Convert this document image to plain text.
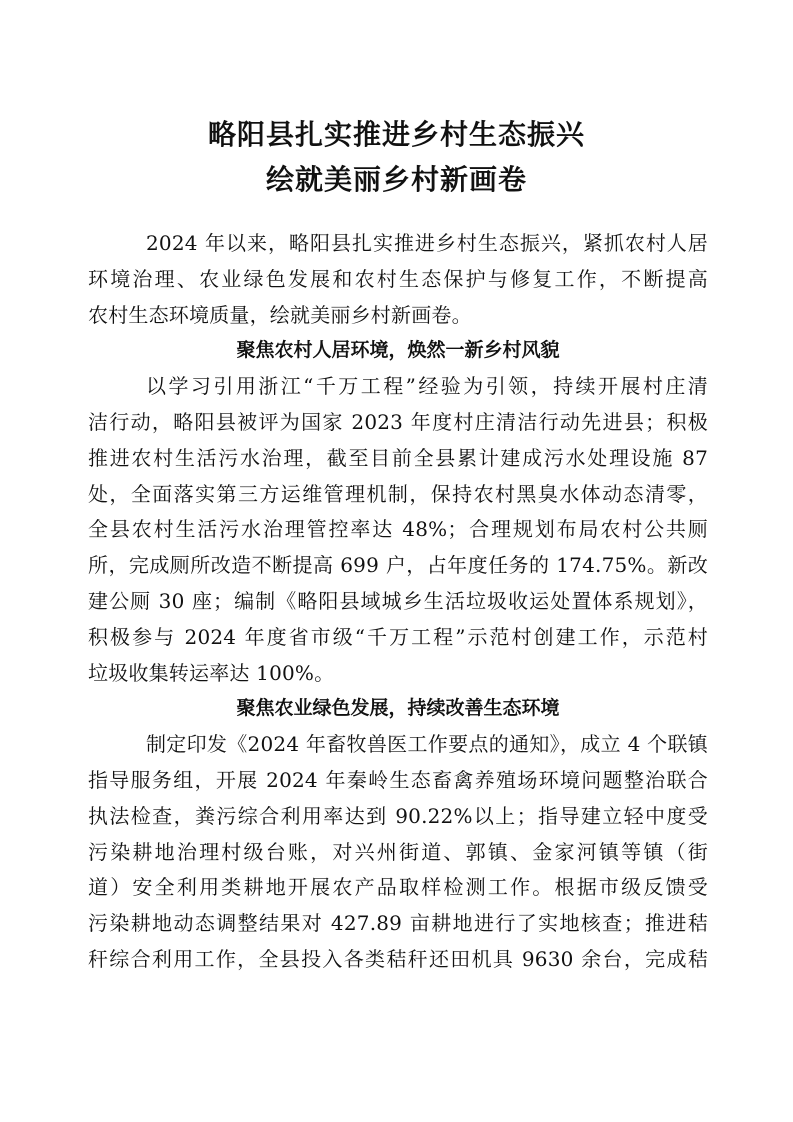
略阳县扎实推进乡村生态振兴
绘就美丽乡村新画卷
2024 年以来，略阳县扎实推进乡村生态振兴，紧抓农村人居
环境治理、农业绿色发展和农村生态保护与修复工作，不断提高
农村生态环境质量，绘就美丽乡村新画卷。
聚焦农村人居环境，焕然一新乡村风貌
以学习引用浙江“千万工程”经验为引领，持续开展村庄清
洁行动，略阳县被评为国家 2023 年度村庄清洁行动先进县；积极
推进农村生活污水治理，截至目前全县累计建成污水处理设施 87
处，全面落实第三方运维管理机制，保持农村黑臭水体动态清零，
全县农村生活污水治理管控率达 48%；合理规划布局农村公共厕
所，完成厕所改造不断提高 699 户，占年度任务的 174.75%。新改
建公厕 30 座；编制《略阳县域城乡生活垃圾收运处置体系规划》，
积极参与 2024 年度省市级“千万工程”示范村创建工作，示范村
垃圾收集转运率达 100%。
聚焦农业绿色发展，持续改善生态环境
制定印发《2024 年畜牧兽医工作要点的通知》，成立 4 个联镇
指导服务组，开展 2024 年秦岭生态畜禽养殖场环境问题整治联合
执法检查，粪污综合利用率达到 90.22%以上；指导建立轻中度受
污染耕地治理村级台账，对兴州街道、郭镇、金家河镇等镇（街
道）安全利用类耕地开展农产品取样检测工作。根据市级反馈受
污染耕地动态调整结果对 427.89 亩耕地进行了实地核查；推进秸
秆综合利用工作，全县投入各类秸秆还田机具 9630 余台，完成秸
